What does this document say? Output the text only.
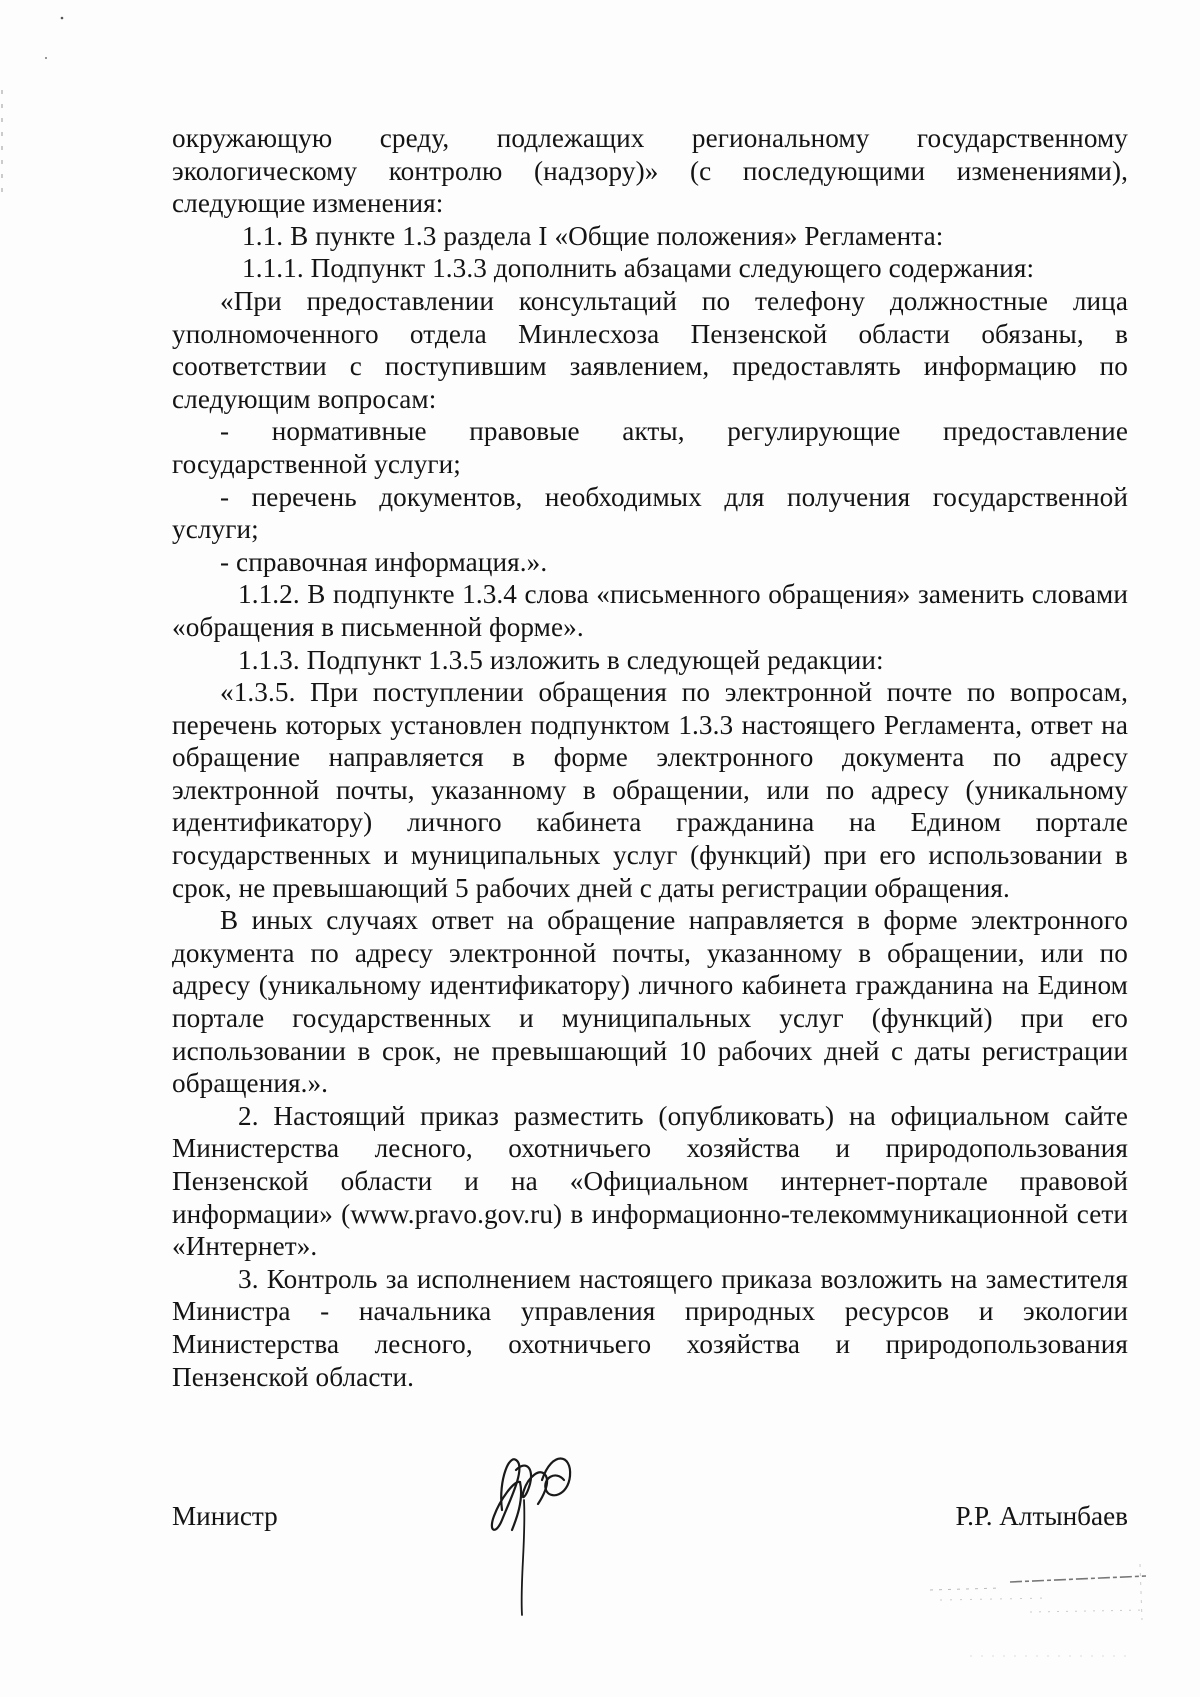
окружающую среду, подлежащих региональному государственному экологическому контролю (надзору)» (с последующими изменениями), следующие изменения:

1.1. В пункте 1.3 раздела I «Общие положения» Регламента:

1.1.1. Подпункт 1.3.3 дополнить абзацами следующего содержания:

«При предоставлении консультаций по телефону должностные лица уполномоченного отдела Минлесхоза Пензенской области обязаны, в соответствии с поступившим заявлением, предоставлять информацию по следующим вопросам:

- нормативные правовые акты, регулирующие предоставление государственной услуги;

- перечень документов, необходимых для получения государственной услуги;

- справочная информация.».

1.1.2. В подпункте 1.3.4 слова «письменного обращения» заменить словами «обращения в письменной форме».

1.1.3. Подпункт 1.3.5 изложить в следующей редакции:

«1.3.5. При поступлении обращения по электронной почте по вопросам, перечень которых установлен подпунктом 1.3.3 настоящего Регламента, ответ на обращение направляется в форме электронного документа по адресу электронной почты, указанному в обращении, или по адресу (уникальному идентификатору) личного кабинета гражданина на Едином портале государственных и муниципальных услуг (функций) при его использовании в срок, не превышающий 5 рабочих дней с даты регистрации обращения.

В иных случаях ответ на обращение направляется в форме электронного документа по адресу электронной почты, указанному в обращении, или по адресу (уникальному идентификатору) личного кабинета гражданина на Едином портале государственных и муниципальных услуг (функций) при его использовании в срок, не превышающий 10 рабочих дней с даты регистрации обращения.».

2. Настоящий приказ разместить (опубликовать) на официальном сайте Министерства лесного, охотничьего хозяйства и природопользования Пензенской области и на «Официальном интернет-портале правовой информации» (www.pravo.gov.ru) в информационно-телекоммуникационной сети «Интернет».

3. Контроль за исполнением настоящего приказа возложить на заместителя Министра - начальника управления природных ресурсов и экологии Министерства лесного, охотничьего хозяйства и природопользования Пензенской области.

Министр	Р.Р. Алтынбаев
